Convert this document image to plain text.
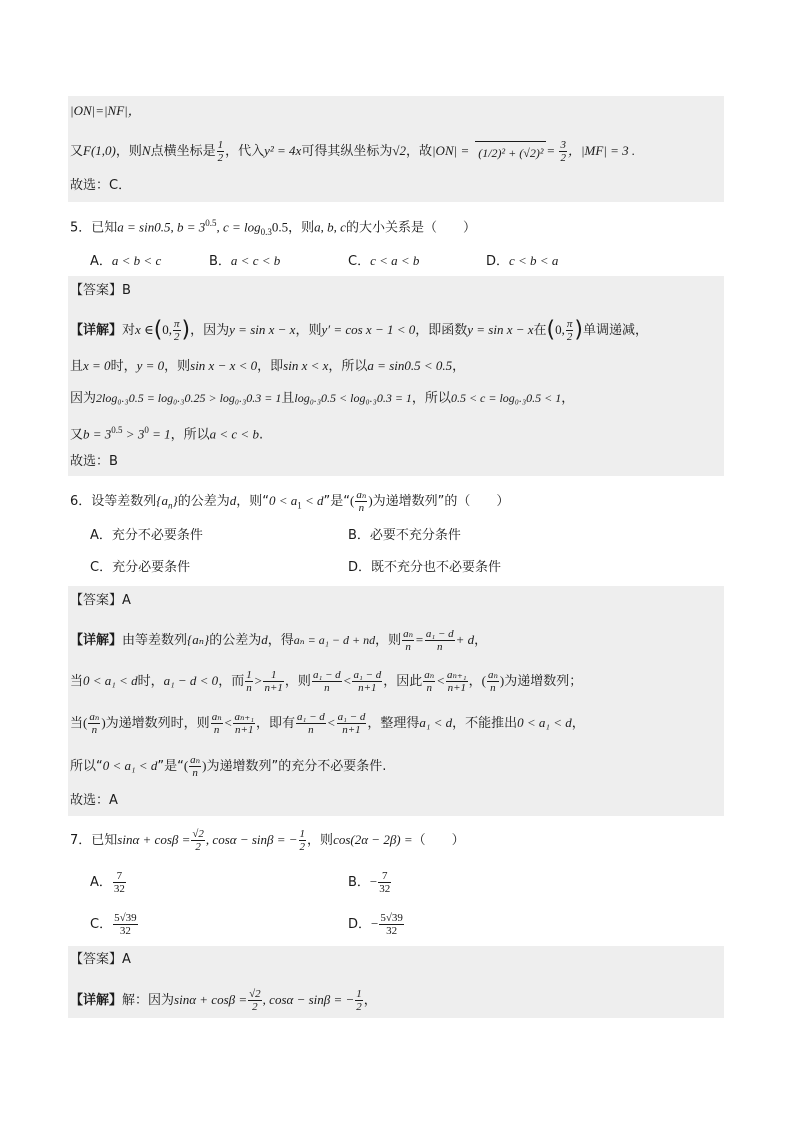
|ON|=|NF|，
又F(1,0)，则N点横坐标是 $\frac{1}{2}$ ，代入y² = 4x可得其纵坐标为√2，故$|ON| = (1/2)^2 + (√2)^2 = \frac{3}{2}$ ，|MF| = 3 .
故选：C．
5．已知a = sin0.5, $b = 3^{0.5}$, $c = \log_{0.3}0.5$，则a, b, c的大小关系是（　　）
A．a < b < c	B．a < c < b	C．c < a < b	D．c < b < a
【答案】B
【详解】对x ∈(0, $\frac{\pi}{2}$ )，因为y = sin x − x，则y′ = cos x − 1 < 0，即函数y = sin x − x在(0, $\frac{\pi}{2}$ )单调递减，
且x = 0时，y = 0，则sin x − x < 0，即sin x < x，所以a = sin0.5 < 0.5，
因为2log₀.₃0.5 = log₀.₃0.25 > log₀.₃0.3 = 1且log₀.₃0.5 < log₀.₃0.3 = 1，所以0.5 < c = log₀.₃0.5 < 1，
又$b = 3^{0.5} > 3^0 = 1$，所以a < c < b.
故选：B
6．设等差数列$\{a_n\}$的公差为d，则“$0 < a_1 < d$”是“( $\frac{\text{aₙ}}{n}$ )为递增数列”的（　　）
A．充分不必要条件	B．必要不充分条件
C．充分必要条件	D．既不充分也不必要条件
【答案】A
【详解】由等差数列{aₙ}的公差为d，得aₙ = a₁ − d + nd，则 $\frac{\text{aₙ}}{n} = \frac{\text{a₁ − d}}{n} + d$，
当0 < a₁ < d时，a₁ − d < 0，而 $\frac{1}{n} > \frac{1}{n+1}$ ，则 $\frac{\text{a₁ − d}}{n} < \frac{\text{a₁ − d}}{n+1}$ ，因此 $\frac{\text{aₙ}}{n} < \frac{\text{aₙ₊₁}}{n+1}$ ，( $\frac{\text{aₙ}}{n}$ )为递增数列；
当( $\frac{\text{aₙ}}{n}$ )为递增数列时，则 $\frac{\text{aₙ}}{n} < \frac{\text{aₙ₊₁}}{n+1}$ ，即有 $\frac{\text{a₁ − d}}{n} < \frac{\text{a₁ − d}}{n+1}$ ，整理得a₁ < d，不能推出0 < a₁ < d，
所以“0 < a₁ < d”是“( $\frac{\text{aₙ}}{n}$ )为递增数列”的充分不必要条件.
故选：A
7．已知$\sin\alpha + \cos\beta = \frac{√2}{2}$ , cosα − sinβ = − $\frac{1}{2}$ ，则cos(2α − 2β) =（　　）
A． $\frac{7}{32}$	B．− $\frac{7}{32}$
C． $\frac{5√39}{32}$	D．− $\frac{5√39}{32}$
【答案】A
【详解】解：因为$\sin\alpha + \cos\beta = \frac{√2}{2}$ , cosα − sinβ = − $\frac{1}{2}$ ，
